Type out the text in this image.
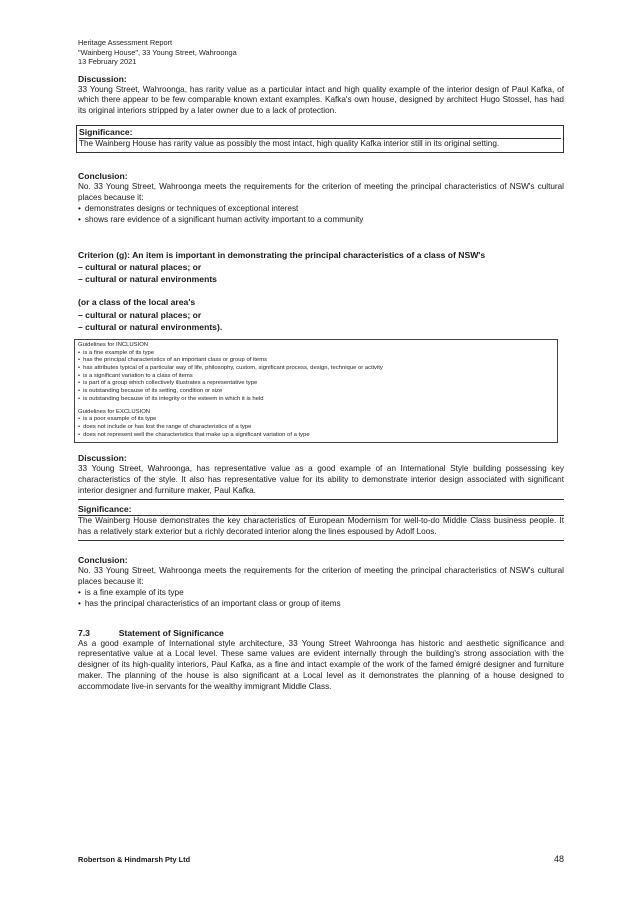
Heritage Assessment Report
"Wainberg House", 33 Young Street, Wahroonga
13 February 2021
Discussion:
33 Young Street, Wahroonga, has rarity value as a particular intact and high quality example of the interior design of Paul Kafka, of which there appear to be few comparable known extant examples. Kafka's own house, designed by architect Hugo Stossel, has had its original interiors stripped by a later owner due to a lack of protection.
Significance:
The Wainberg House has rarity value as possibly the most intact, high quality Kafka interior still in its original setting.
Conclusion:
No. 33 Young Street, Wahroonga meets the requirements for the criterion of meeting the principal characteristics of NSW's cultural places because it:
• demonstrates designs or techniques of exceptional interest
• shows rare evidence of a significant human activity important to a community
Criterion (g): An item is important in demonstrating the principal characteristics of a class of NSW's
– cultural or natural places; or
– cultural or natural environments
(or a class of the local area's
– cultural or natural places; or
– cultural or natural environments).
Guidelines for INCLUSION
• is a fine example of its type
• has the principal characteristics of an important class or group of items
• has attributes typical of a particular way of life, philosophy, custom, significant process, design, technique or activity
• is a significant variation to a class of items
• is part of a group which collectively illustrates a representative type
• is outstanding because of its setting, condition or size
• is outstanding because of its integrity or the esteem in which it is held
Guidelines for EXCLUSION
• is a poor example of its type
• does not include or has lost the range of characteristics of a type
• does not represent well the characteristics that make up a significant variation of a type
Discussion:
33 Young Street, Wahroonga, has representative value as a good example of an International Style building possessing key characteristics of the style. It also has representative value for its ability to demonstrate interior design associated with significant interior designer and furniture maker, Paul Kafka.
Significance:
The Wainberg House demonstrates the key characteristics of European Modernism for well-to-do Middle Class business people. It has a relatively stark exterior but a richly decorated interior along the lines espoused by Adolf Loos.
Conclusion:
No. 33 Young Street, Wahroonga meets the requirements for the criterion of meeting the principal characteristics of NSW's cultural places because it:
• is a fine example of its type
• has the principal characteristics of an important class or group of items
7.3	Statement of Significance
As a good example of International style architecture, 33 Young Street Wahroonga has historic and aesthetic significance and representative value at a Local level. These same values are evident internally through the building's strong association with the designer of its high-quality interiors, Paul Kafka, as a fine and intact example of the work of the famed émigré designer and furniture maker. The planning of the house is also significant at a Local level as it demonstrates the planning of a house designed to accommodate live-in servants for the wealthy immigrant Middle Class.
Robertson & Hindmarsh Pty Ltd	48
